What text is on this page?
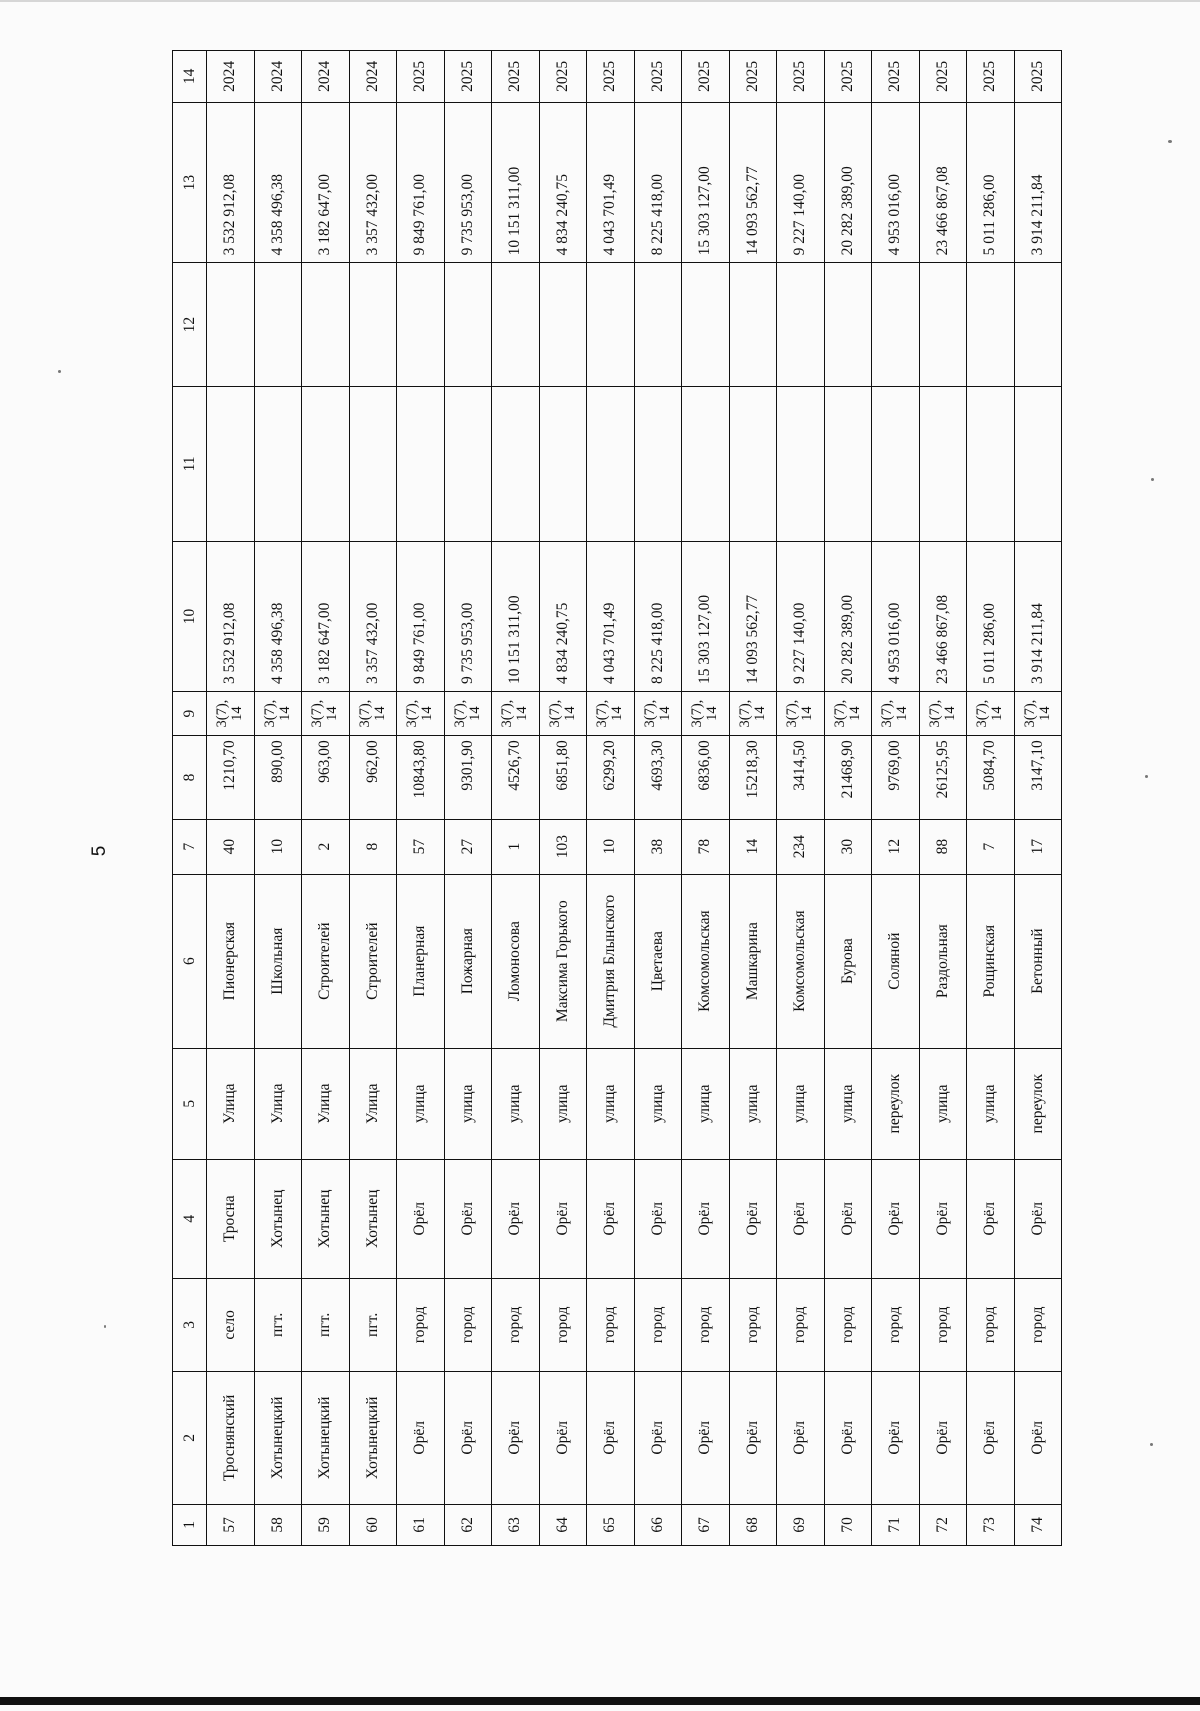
5
1	2	3	4	5	6	7	8	9	10	11	12	13	14
57	Троснянский	село	Тросна	Улица	Пионерская	40	1210,70	3(7), 14	3 532 912,08			3 532 912,08	2024
58	Хотынецкий	пгт.	Хотынец	Улица	Школьная	10	890,00	3(7), 14	4 358 496,38			4 358 496,38	2024
59	Хотынецкий	пгт.	Хотынец	Улица	Строителей	2	963,00	3(7), 14	3 182 647,00			3 182 647,00	2024
60	Хотынецкий	пгт.	Хотынец	Улица	Строителей	8	962,00	3(7), 14	3 357 432,00			3 357 432,00	2024
61	Орёл	город	Орёл	улица	Планерная	57	10843,80	3(7), 14	9 849 761,00			9 849 761,00	2025
62	Орёл	город	Орёл	улица	Пожарная	27	9301,90	3(7), 14	9 735 953,00			9 735 953,00	2025
63	Орёл	город	Орёл	улица	Ломоносова	1	4526,70	3(7), 14	10 151 311,00			10 151 311,00	2025
64	Орёл	город	Орёл	улица	Максима Горького	103	6851,80	3(7), 14	4 834 240,75			4 834 240,75	2025
65	Орёл	город	Орёл	улица	Дмитрия Блынского	10	6299,20	3(7), 14	4 043 701,49			4 043 701,49	2025
66	Орёл	город	Орёл	улица	Цветаева	38	4693,30	3(7), 14	8 225 418,00			8 225 418,00	2025
67	Орёл	город	Орёл	улица	Комсомольская	78	6836,00	3(7), 14	15 303 127,00			15 303 127,00	2025
68	Орёл	город	Орёл	улица	Машкарина	14	15218,30	3(7), 14	14 093 562,77			14 093 562,77	2025
69	Орёл	город	Орёл	улица	Комсомольская	234	3414,50	3(7), 14	9 227 140,00			9 227 140,00	2025
70	Орёл	город	Орёл	улица	Бурова	30	21468,90	3(7), 14	20 282 389,00			20 282 389,00	2025
71	Орёл	город	Орёл	переулок	Соляной	12	9769,00	3(7), 14	4 953 016,00			4 953 016,00	2025
72	Орёл	город	Орёл	улица	Раздольная	88	26125,95	3(7), 14	23 466 867,08			23 466 867,08	2025
73	Орёл	город	Орёл	улица	Рощинская	7	5084,70	3(7), 14	5 011 286,00			5 011 286,00	2025
74	Орёл	город	Орёл	переулок	Бетонный	17	3147,10	3(7), 14	3 914 211,84			3 914 211,84	2025
